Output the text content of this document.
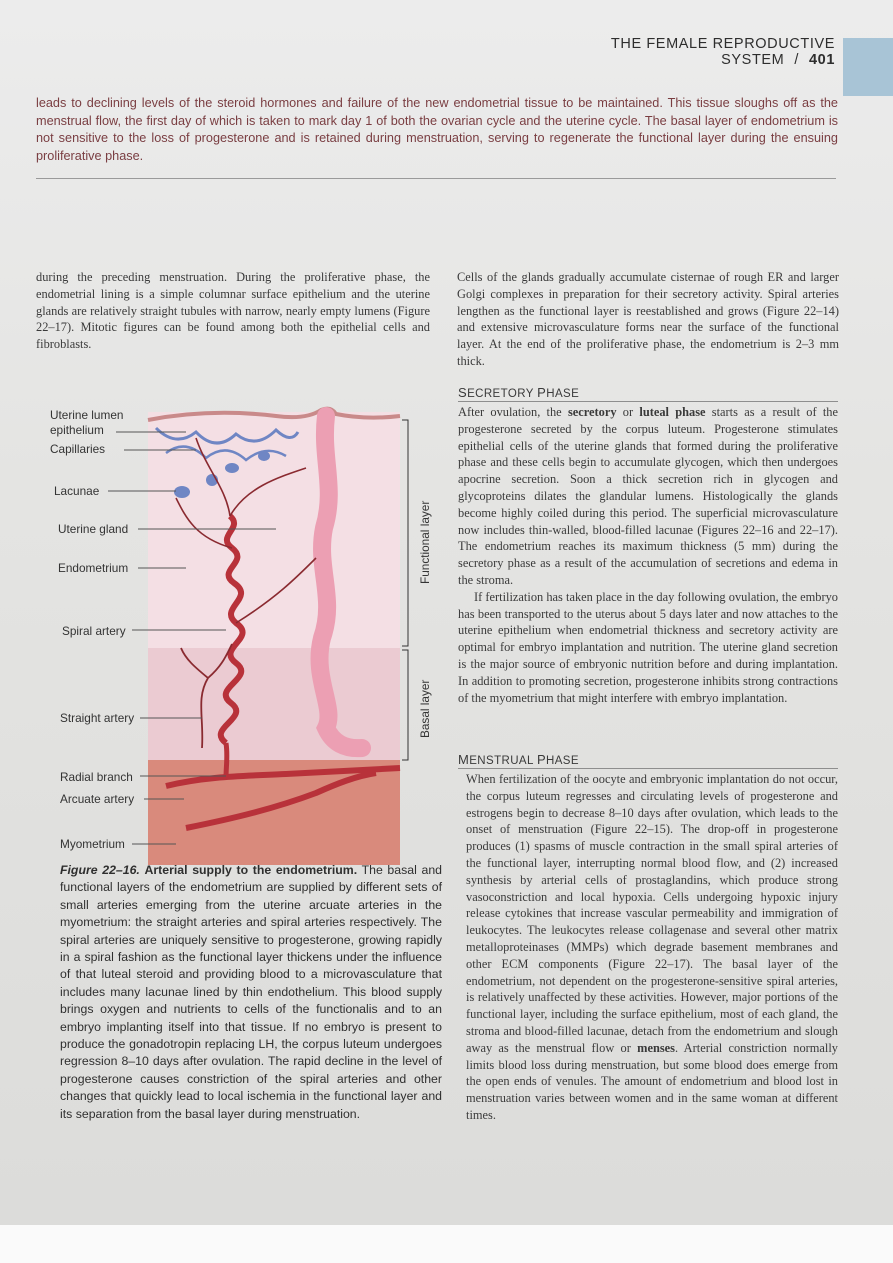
THE FEMALE REPRODUCTIVE SYSTEM / 401
leads to declining levels of the steroid hormones and failure of the new endometrial tissue to be maintained. This tissue sloughs off as the menstrual flow, the first day of which is taken to mark day 1 of both the ovarian cycle and the uterine cycle. The basal layer of endometrium is not sensitive to the loss of progesterone and is retained during menstruation, serving to regenerate the functional layer during the ensuing proliferative phase.

during the preceding menstruation. During the proliferative phase, the endometrial lining is a simple columnar surface epithelium and the uterine glands are relatively straight tubules with narrow, nearly empty lumens (Figure 22–17). Mitotic figures can be found among both the epithelial cells and fibroblasts.

Cells of the glands gradually accumulate cisternae of rough ER and larger Golgi complexes in preparation for their secretory activity. Spiral arteries lengthen as the functional layer is reestablished and grows (Figure 22–14) and extensive microvasculature forms near the surface of the functional layer. At the end of the proliferative phase, the endometrium is 2–3 mm thick.

SECRETORY PHASE

After ovulation, the secretory or luteal phase starts as a result of the progesterone secreted by the corpus luteum. Progesterone stimulates epithelial cells of the uterine glands that formed during the proliferative phase and these cells begin to accumulate glycogen, which then undergoes apocrine secretion. Soon a thick secretion rich in glycogen and glycoproteins dilates the glandular lumens. Histologically the glands become highly coiled during this period. The superficial microvasculature now includes thin-walled, blood-filled lacunae (Figures 22–16 and 22–17). The endometrium reaches its maximum thickness (5 mm) during the secretory phase as a result of the accumulation of secretions and edema in the stroma.

If fertilization has taken place in the day following ovulation, the embryo has been transported to the uterus about 5 days later and now attaches to the uterine epithelium when endometrial thickness and secretory activity are optimal for embryo implantation and nutrition. The uterine gland secretion is the major source of embryonic nutrition before and during implantation. In addition to promoting secretion, progesterone inhibits strong contractions of the myometrium that might interfere with embryo implantation.

MENSTRUAL PHASE

When fertilization of the oocyte and embryonic implantation do not occur, the corpus luteum regresses and circulating levels of progesterone and estrogens begin to decrease 8–10 days after ovulation, which leads to the onset of menstruation (Figure 22–15). The drop-off in progesterone produces (1) spasms of muscle contraction in the small spiral arteries of the functional layer, interrupting normal blood flow, and (2) increased synthesis by arterial cells of prostaglandins, which produce strong vasoconstriction and local hypoxia. Cells undergoing hypoxic injury release cytokines that increase vascular permeability and immigration of leukocytes. The leukocytes release collagenase and several other matrix metalloproteinases (MMPs) which degrade basement membranes and other ECM components (Figure 22–17). The basal layer of the endometrium, not dependent on the progesterone-sensitive spiral arteries, is relatively unaffected by these activities. However, major portions of the functional layer, including the surface epithelium, most of each gland, the stroma and blood-filled lacunae, detach from the endometrium and slough away as the menstrual flow or menses. Arterial constriction normally limits blood loss during menstruation, but some blood does emerge from the open ends of venules. The amount of endometrium and blood lost in menstruation varies between women and in the same woman at different times.

Uterine lumen
epithelium
Capillaries
Lacunae
Uterine gland
Endometrium
Spiral artery
Straight artery
Radial branch
Arcuate artery
Myometrium
Functional layer
Basal layer
Figure 22–16. Arterial supply to the endometrium. The basal and functional layers of the endometrium are supplied by different sets of small arteries emerging from the uterine arcuate arteries in the myometrium: the straight arteries and spiral arteries respectively. The spiral arteries are uniquely sensitive to progesterone, growing rapidly in a spiral fashion as the functional layer thickens under the influence of that luteal steroid and providing blood to a microvasculature that includes many lacunae lined by thin endothelium. This blood supply brings oxygen and nutrients to cells of the functionalis and to an embryo implanting itself into that tissue. If no embryo is present to produce the gonadotropin replacing LH, the corpus luteum undergoes regression 8–10 days after ovulation. The rapid decline in the level of progesterone causes constriction of the spiral arteries and other changes that quickly lead to local ischemia in the functional layer and its separation from the basal layer during menstruation.
